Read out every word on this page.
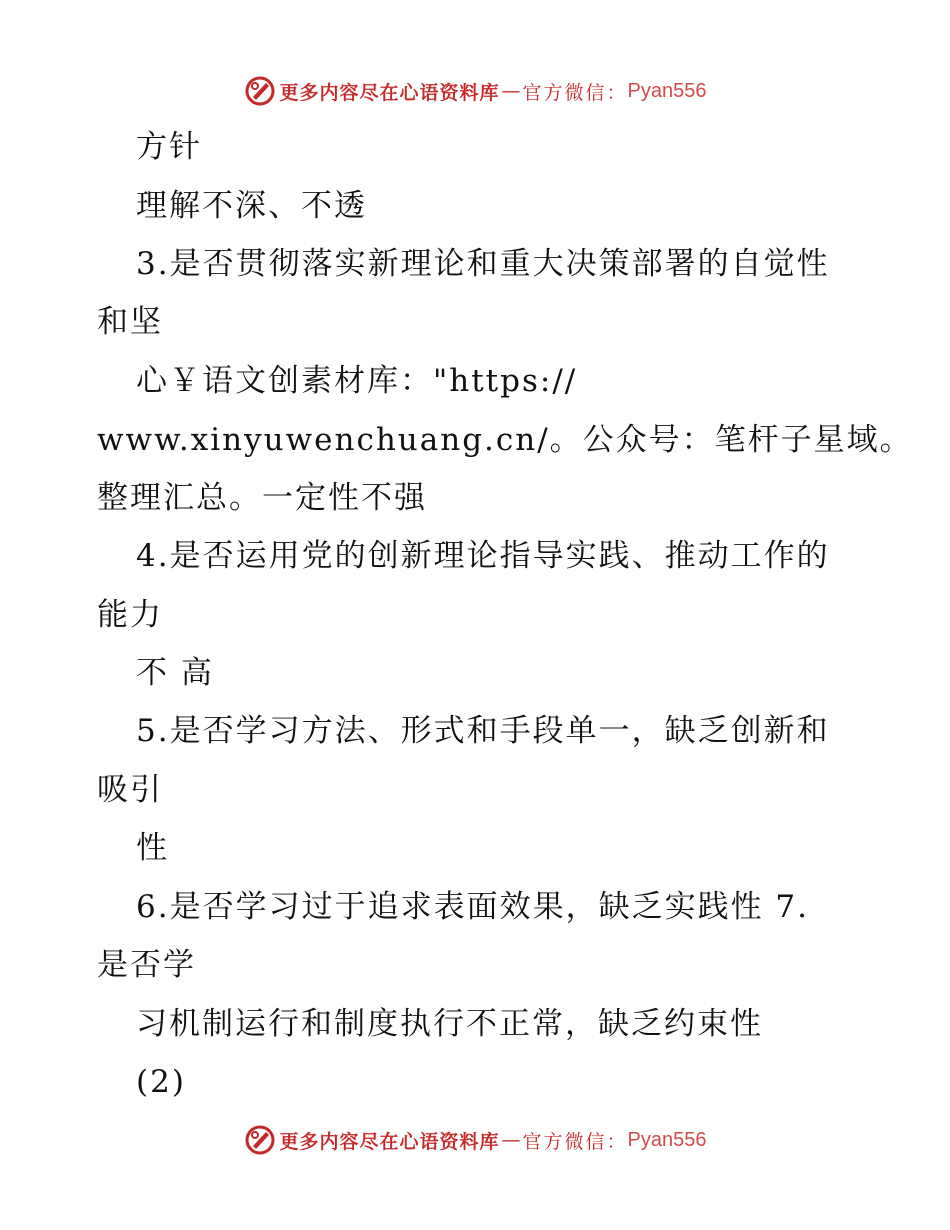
更多内容尽在心语资料库 — 官方微信： Pyan556
方针
理解不深、不透
3.是否贯彻落实新理论和重大决策部署的自觉性
和坚
心￥语文创素材库："https://
www.xinyuwenchuang.cn/。公众号：笔杆子星域。
整理汇总。一定性不强
4.是否运用党的创新理论指导实践、推动工作的
能力
不 高
5.是否学习方法、形式和手段单一，缺乏创新和
吸引
性
6.是否学习过于追求表面效果，缺乏实践性 7.
是否学
习机制运行和制度执行不正常，缺乏约束性
(2)
更多内容尽在心语资料库 — 官方微信： Pyan556
